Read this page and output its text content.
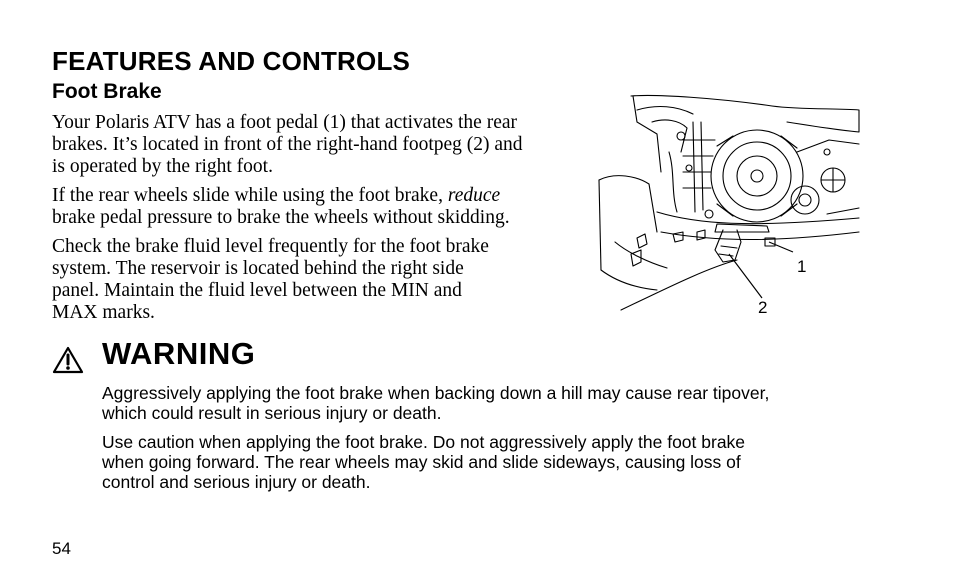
FEATURES AND CONTROLS
Foot Brake

Your Polaris ATV has a foot pedal (1) that activates the rear
brakes. It’s located in front of the right-hand footpeg (2) and
is operated by the right foot.

If the rear wheels slide while using the foot brake, reduce
brake pedal pressure to brake the wheels without skidding.

Check the brake fluid level frequently for the foot brake
system. The reservoir is located behind the right side
panel. Maintain the fluid level between the MIN and
MAX marks.

1
2
WARNING

Aggressively applying the foot brake when backing down a hill may cause rear tipover,
which could result in serious injury or death.

Use caution when applying the foot brake. Do not aggressively apply the foot brake
when going forward. The rear wheels may skid and slide sideways, causing loss of
control and serious injury or death.

54
